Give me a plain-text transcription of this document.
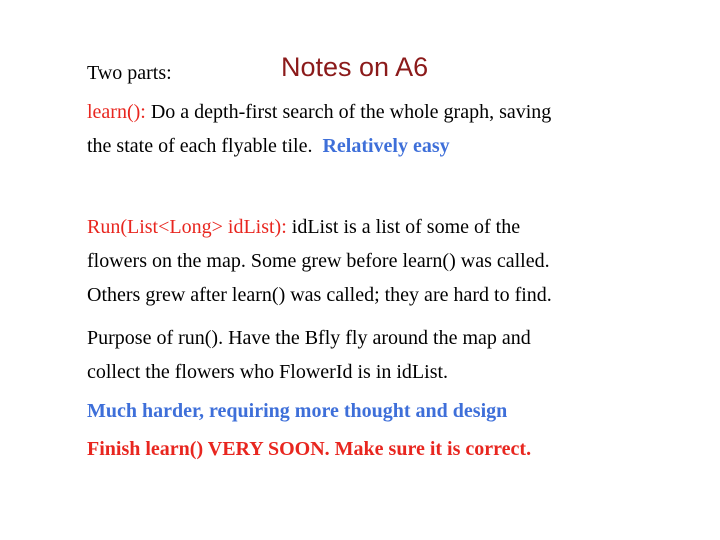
Notes on A6
Two parts:
learn(): Do a depth-first search of the whole graph, saving
the state of each flyable tile.  Relatively easy
Run(List<Long> idList): idList is a list of some of the
flowers on the map. Some grew before learn() was called.
Others grew after learn() was called; they are hard to find.
Purpose of run(). Have the Bfly fly around the map and
collect the flowers who FlowerId is in idList.
Much harder, requiring more thought and design
Finish learn() VERY SOON. Make sure it is correct.
